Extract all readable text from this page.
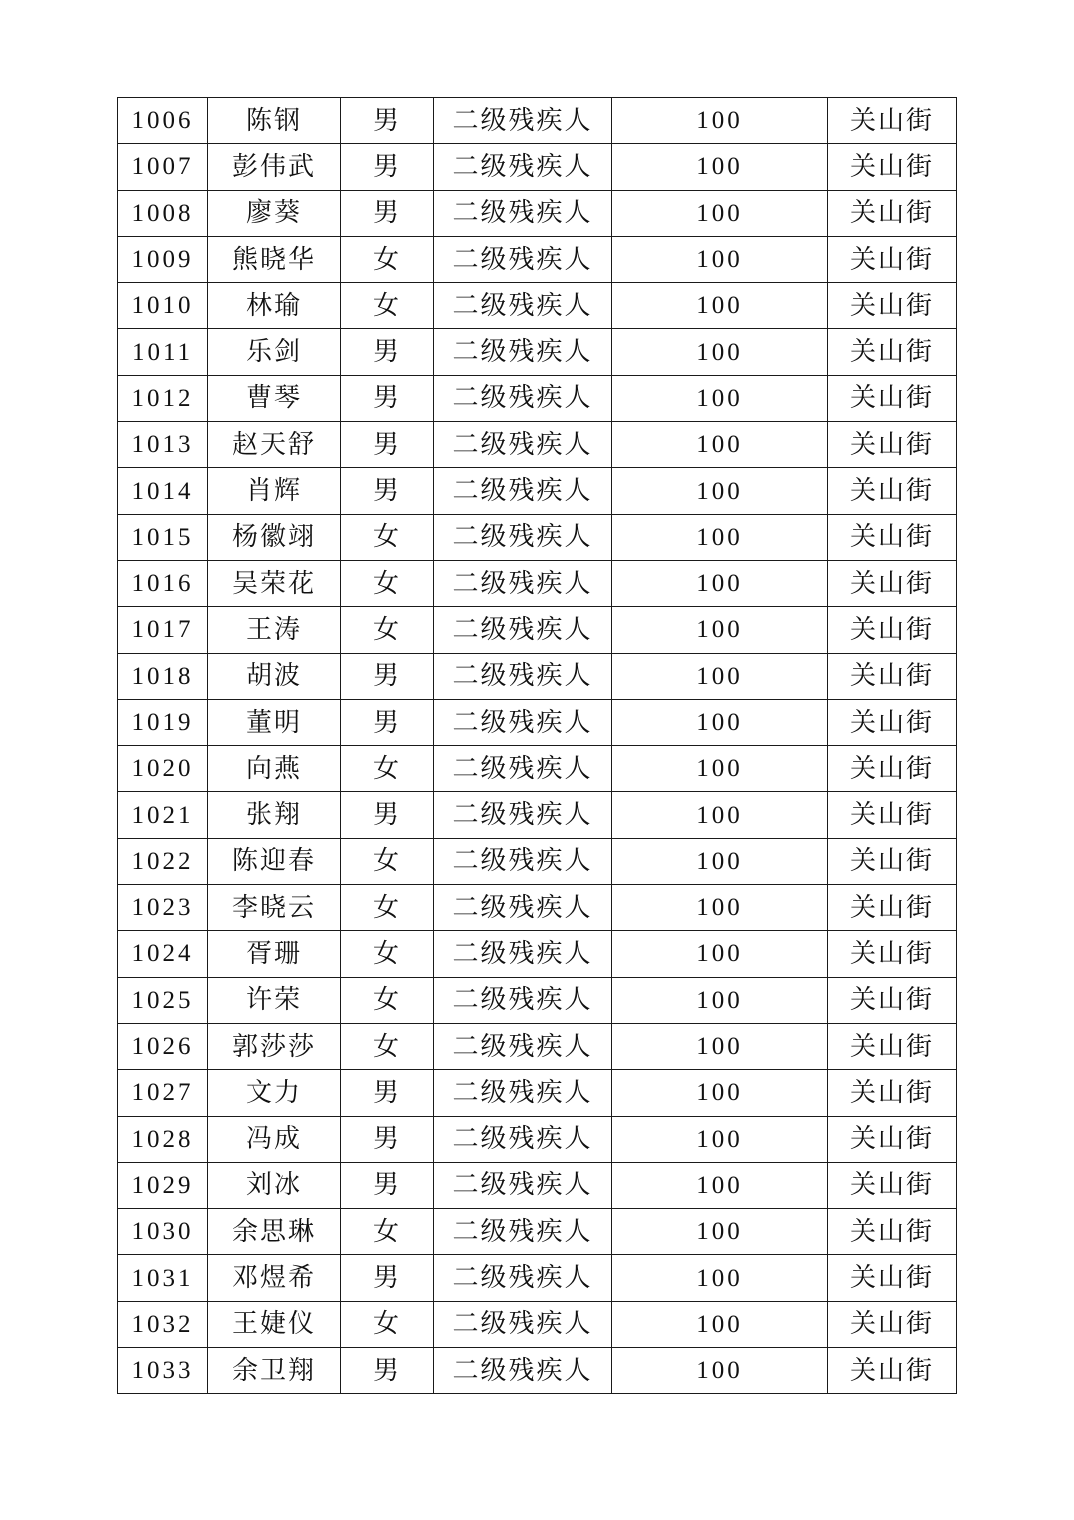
1006	陈钢	男	二级残疾人	100	关山街
1007	彭伟武	男	二级残疾人	100	关山街
1008	廖葵	男	二级残疾人	100	关山街
1009	熊晓华	女	二级残疾人	100	关山街
1010	林瑜	女	二级残疾人	100	关山街
1011	乐剑	男	二级残疾人	100	关山街
1012	曹琴	男	二级残疾人	100	关山街
1013	赵天舒	男	二级残疾人	100	关山街
1014	肖辉	男	二级残疾人	100	关山街
1015	杨徽翊	女	二级残疾人	100	关山街
1016	吴荣花	女	二级残疾人	100	关山街
1017	王涛	女	二级残疾人	100	关山街
1018	胡波	男	二级残疾人	100	关山街
1019	董明	男	二级残疾人	100	关山街
1020	向燕	女	二级残疾人	100	关山街
1021	张翔	男	二级残疾人	100	关山街
1022	陈迎春	女	二级残疾人	100	关山街
1023	李晓云	女	二级残疾人	100	关山街
1024	胥珊	女	二级残疾人	100	关山街
1025	许荣	女	二级残疾人	100	关山街
1026	郭莎莎	女	二级残疾人	100	关山街
1027	文力	男	二级残疾人	100	关山街
1028	冯成	男	二级残疾人	100	关山街
1029	刘冰	男	二级残疾人	100	关山街
1030	余思琳	女	二级残疾人	100	关山街
1031	邓煜希	男	二级残疾人	100	关山街
1032	王婕仪	女	二级残疾人	100	关山街
1033	余卫翔	男	二级残疾人	100	关山街
